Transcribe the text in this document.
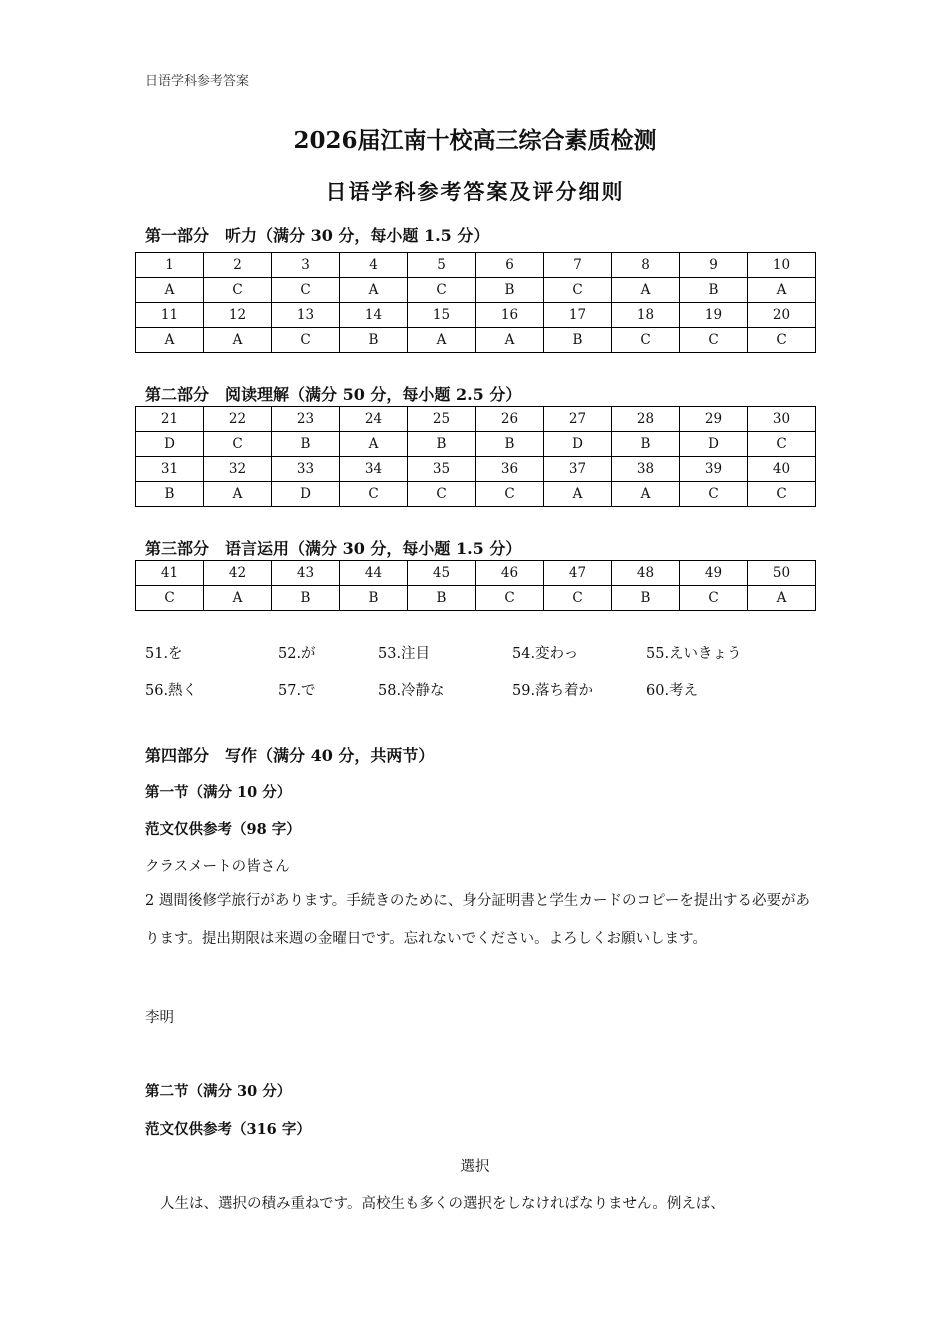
日语学科参考答案
2026届江南十校高三综合素质检测
日语学科参考答案及评分细则
第一部分　听力（满分 30 分，每小题 1.5 分）
1	2	3	4	5	6	7	8	9	10
A	C	C	A	C	B	C	A	B	A
11	12	13	14	15	16	17	18	19	20
A	A	C	B	A	A	B	C	C	C
第二部分　阅读理解（满分 50 分，每小题 2.5 分）
21	22	23	24	25	26	27	28	29	30
D	C	B	A	B	B	D	B	D	C
31	32	33	34	35	36	37	38	39	40
B	A	D	C	C	C	A	A	C	C
第三部分　语言运用（满分 30 分，每小题 1.5 分）
41	42	43	44	45	46	47	48	49	50
C	A	B	B	B	C	C	B	C	A
51.を	52.が	53.注目	54.変わっ	55.えいきょう
56.熱く	57.で	58.冷静な	59.落ち着か	60.考え
第四部分　写作（满分 40 分，共两节）
第一节（满分 10 分）
范文仅供参考（98 字）
クラスメートの皆さん
2 週間後修学旅行があります。手続きのために、身分証明書と学生カードのコピーを提出する必要があります。提出期限は来週の金曜日です。忘れないでください。よろしくお願いします。
李明
第二节（满分 30 分）
范文仅供参考（316 字）
選択
人生は、選択の積み重ねです。高校生も多くの選択をしなければなりません。例えば、
